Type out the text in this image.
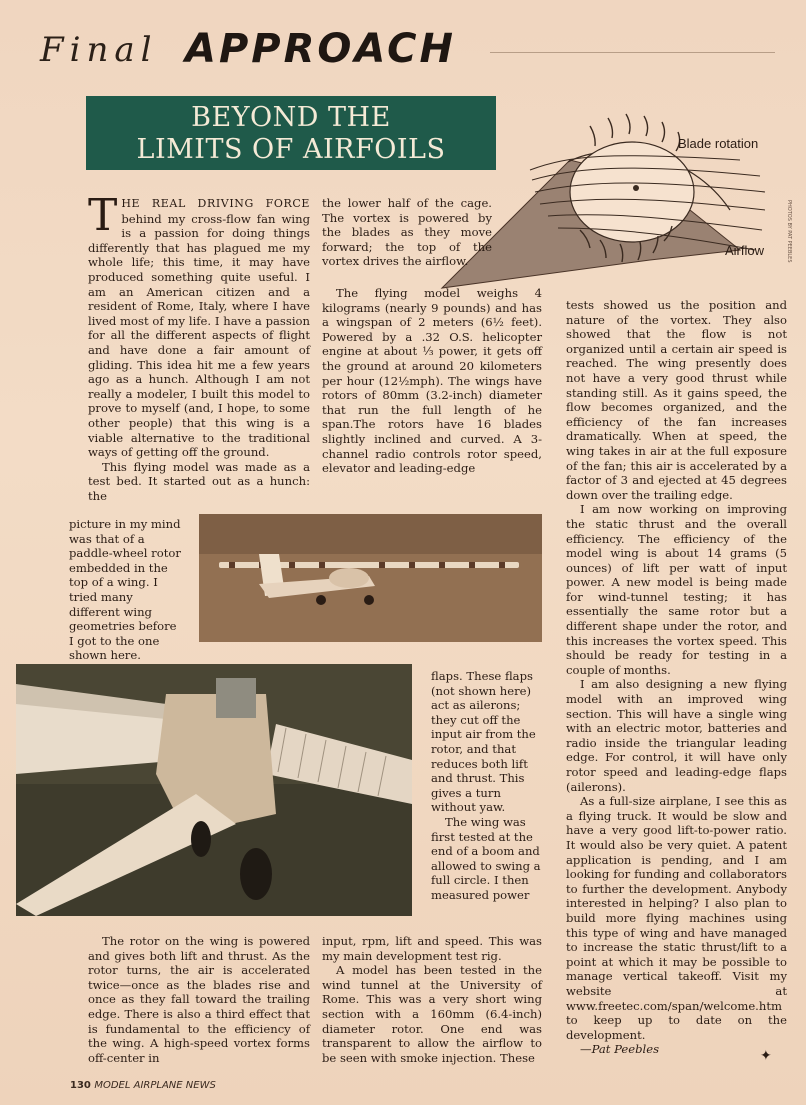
Final APPROACH
BEYOND THE
LIMITS OF AIRFOILS	Blade rotation
Airflow	PHOTOS BY PAT PEEBLES
T HE REAL DRIVING FORCE behind my cross-flow fan wing is a passion for doing things differently that has plagued me my whole life; this time, it may have produced something quite useful. I am an American citizen and a resident of Rome, Italy, where I have lived most of my life. I have a passion for all the different aspects of flight and have done a fair amount of gliding. This idea hit me a few years ago as a hunch. Although I am not really a modeler, I built this model to prove to myself (and, I hope, to some other people) that this wing is a viable alternative to the traditional ways of getting off the ground.

This flying model was made as a test bed. It started out as a hunch: the

picture in my mind was that of a paddle-wheel rotor embedded in the top of a wing. I tried many different wing geometries before I got to the one shown here.
the lower half of the cage. The vortex is powered by the blades as they move forward; the top of the vortex drives the airflow.

The flying model weighs 4 kilograms (nearly 9 pounds) and has a wingspan of 2 meters (6½ feet). Powered by a .32 O.S. helicopter engine at about ⅓ power, it gets off the ground at around 20 kilometers per hour (12½mph). The wings have rotors of 80mm (3.2-inch) diameter that run the full length of he span.The rotors have 16 blades slightly inclined and curved. A 3-channel radio controls rotor speed, elevator and leading-edge

tests showed us the position and nature of the vortex. They also showed that the flow is not organized until a certain air speed is reached. The wing presently does not have a very good thrust while standing still. As it gains speed, the flow becomes organized, and the efficiency of the fan increases dramatically. When at speed, the wing takes in air at the full exposure of the fan; this air is accelerated by a factor of 3 and ejected at 45 degrees down over the trailing edge.

I am now working on improving the static thrust and the overall efficiency. The efficiency of the model wing is about 14 grams (5 ounces) of lift per watt of input power. A new model is being made for wind-tunnel testing; it has essentially the same rotor but a different shape under the rotor, and this increases the vortex speed. This should be ready for testing in a couple of months.

I am also designing a new flying model with an improved wing section. This will have a single wing with an electric motor, batteries and radio inside the triangular leading edge. For control, it will have only rotor speed and leading-edge flaps (ailerons).

As a full-size airplane, I see this as a flying truck. It would be slow and have a very good lift-to-power ratio. It would also be very quiet. A patent application is pending, and I am looking for funding and collaborators to further the development. Anybody interested in helping? I also plan to build more flying machines using this type of wing and have managed to increase the static thrust/lift to a point at which it may be possible to manage vertical takeoff. Visit my website at www.freetec.com/span/welcome.htm to keep up to date on the development.

—Pat Peebles	✦

flaps. These flaps (not shown here) act as ailerons; they cut off the input air from the rotor, and that reduces both lift and thrust. This gives a turn without yaw.

The wing was first tested at the end of a boom and allowed to swing a full circle. I then measured power

The rotor on the wing is powered and gives both lift and thrust. As the rotor turns, the air is accelerated twice—once as the blades rise and once as they fall toward the trailing edge. There is also a third effect that is fundamental to the efficiency of the wing. A high-speed vortex forms off-center in

input, rpm, lift and speed. This was my main development test rig.

A model has been tested in the wind tunnel at the University of Rome. This was a very short wing section with a 160mm (6.4-inch) diameter rotor. One end was transparent to allow the airflow to be seen with smoke injection. These

130 MODEL AIRPLANE NEWS
